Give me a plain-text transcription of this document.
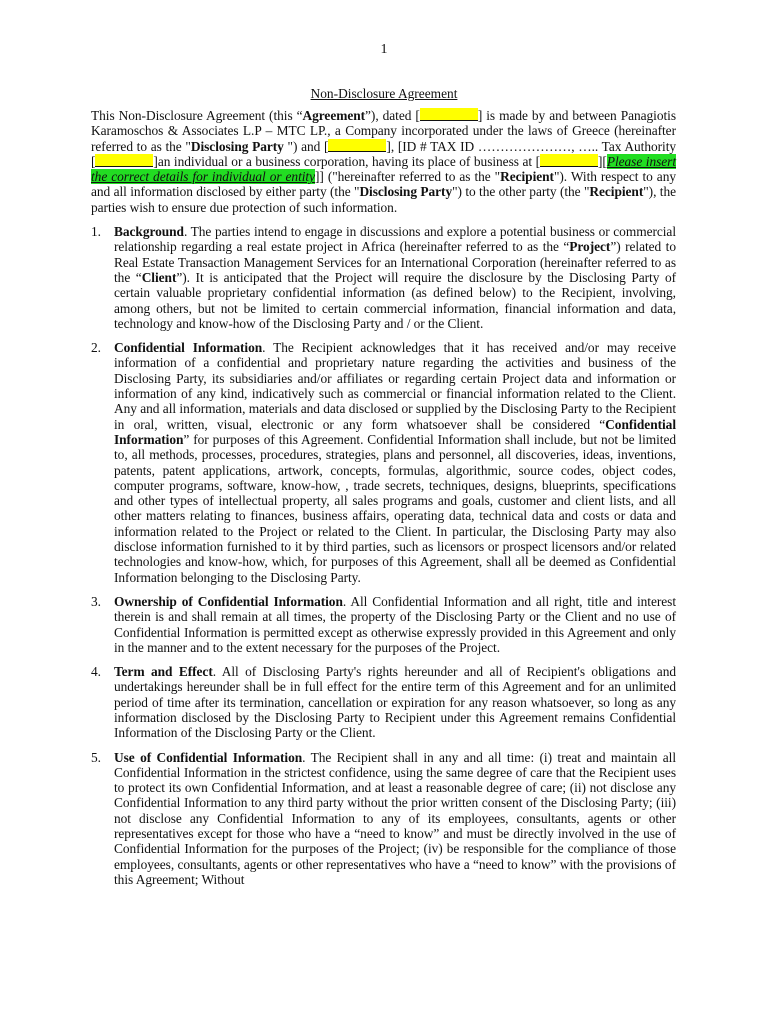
1
Non-Disclosure Agreement

This Non-Disclosure Agreement (this “Agreement”), dated [	] is made by and between Panagiotis Karamoschos & Associates L.P – MTC LP., a Company incorporated under the laws of Greece (hereinafter referred to as the "Disclosing Party ") and [	], [ID # TAX ID …………………, ….. Tax Authority [	]an individual or a business corporation, having its place of business at [	][Please insert the correct details for individual or entity]] ("hereinafter referred to as the "Recipient"). With respect to any and all information disclosed by either party (the "Disclosing Party") to the other party (the "Recipient"), the parties wish to ensure due protection of such information.

1. Background. The parties intend to engage in discussions and explore a potential business or commercial relationship regarding a real estate project in Africa (hereinafter referred to as the “Project”) related to Real Estate Transaction Management Services for an International Corporation (hereinafter referred to as the “Client”). It is anticipated that the Project will require the disclosure by the Disclosing Party of certain valuable proprietary confidential information (as defined below) to the Recipient, involving, among others, but not be limited to certain commercial information, financial information and data, technology and know-how of the Disclosing Party and / or the Client.

2. Confidential Information. The Recipient acknowledges that it has received and/or may receive information of a confidential and proprietary nature regarding the activities and business of the Disclosing Party, its subsidiaries and/or affiliates or regarding certain Project data and information or information of any kind, indicatively such as commercial or financial information related to the Client. Any and all information, materials and data disclosed or supplied by the Disclosing Party to the Recipient in oral, written, visual, electronic or any form whatsoever shall be considered “Confidential Information” for purposes of this Agreement. Confidential Information shall include, but not be limited to, all methods, processes, procedures, strategies, plans and personnel, all discoveries, ideas, inventions, patents, patent applications, artwork, concepts, formulas, algorithmic, source codes, object codes, computer programs, software, know-how, , trade secrets, techniques, designs, blueprints, specifications and other types of intellectual property, all sales programs and goals, customer and client lists, and all other matters relating to finances, business affairs, operating data, technical data and costs or data and information related to the Project or related to the Client. In particular, the Disclosing Party may also disclose information furnished to it by third parties, such as licensors or prospect licensors and/or related technologies and know-how, which, for purposes of this Agreement, shall all be deemed as Confidential Information belonging to the Disclosing Party.

3. Ownership of Confidential Information. All Confidential Information and all right, title and interest therein is and shall remain at all times, the property of the Disclosing Party or the Client and no use of Confidential Information is permitted except as otherwise expressly provided in this Agreement and only in the manner and to the extent necessary for the purposes of the Project.

4. Term and Effect. All of Disclosing Party's rights hereunder and all of Recipient's obligations and undertakings hereunder shall be in full effect for the entire term of this Agreement and for an unlimited period of time after its termination, cancellation or expiration for any reason whatsoever, so long as any information disclosed by the Disclosing Party to Recipient under this Agreement remains Confidential Information of the Disclosing Party or the Client.

5. Use of Confidential Information. The Recipient shall in any and all time: (i) treat and maintain all Confidential Information in the strictest confidence, using the same degree of care that the Recipient uses to protect its own Confidential Information, and at least a reasonable degree of care; (ii) not disclose any Confidential Information to any third party without the prior written consent of the Disclosing Party; (iii) not disclose any Confidential Information to any of its employees, consultants, agents or other representatives except for those who have a “need to know” and must be directly involved in the use of Confidential Information for the purposes of the Project; (iv) be responsible for the compliance of those employees, consultants, agents or other representatives who have a “need to know” with the provisions of this Agreement; Without
